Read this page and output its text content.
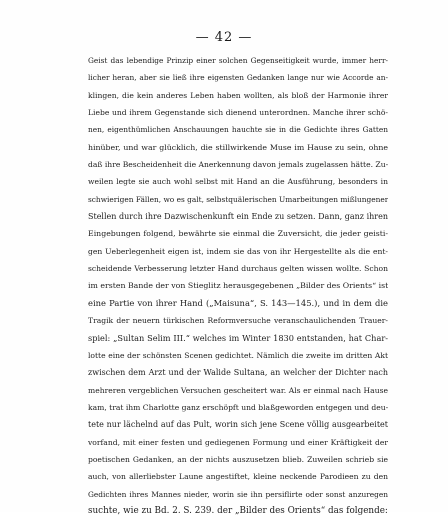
— 42 —
Geist das lebendige Prinzip einer solchen Gegenseitigkeit wurde, immer herr-
licher heran, aber sie ließ ihre eigensten Gedanken lange nur wie Accorde an-
klingen, die kein anderes Leben haben wollten, als bloß der Harmonie ihrer
Liebe und ihrem Gegenstande sich dienend unterordnen. Manche ihrer schö-
nen, eigenthümlichen Anschauungen hauchte sie in die Gedichte ihres Gatten
hinüber, und war glücklich, die stillwirkende Muse im Hause zu sein, ohne
daß ihre Bescheidenheit die Anerkennung davon jemals zugelassen hätte. Zu-
weilen legte sie auch wohl selbst mit Hand an die Ausführung, besonders in
schwierigen Fällen, wo es galt, selbstquälerischen Umarbeitungen mißlungener
Stellen durch ihre Dazwischenkunft ein Ende zu setzen. Dann, ganz ihren
Eingebungen folgend, bewährte sie einmal die Zuversicht, die jeder geisti-
gen Ueberlegenheit eigen ist, indem sie das von ihr Hergestellte als die ent-
scheidende Verbesserung letzter Hand durchaus gelten wissen wollte. Schon
im ersten Bande der von Stieglitz herausgegebenen „Bilder des Orients“ ist
eine Partie von ihrer Hand („Maisuna“, S. 143—145.), und in dem die
Tragik der neuern türkischen Reformversuche veranschaulichenden Trauer-
spiel: „Sultan Selim III.“ welches im Winter 1830 entstanden, hat Char-
lotte eine der schönsten Scenen gedichtet. Nämlich die zweite im dritten Akt
zwischen dem Arzt und der Walide Sultana, an welcher der Dichter nach
mehreren vergeblichen Versuchen gescheitert war. Als er einmal nach Hause
kam, trat ihm Charlotte ganz erschöpft und blaßgeworden entgegen und deu-
tete nur lächelnd auf das Pult, worin sich jene Scene völlig ausgearbeitet
vorfand, mit einer festen und gediegenen Formung und einer Kräftigkeit der
poetischen Gedanken, an der nichts auszusetzen blieb. Zuweilen schrieb sie
auch, von allerliebster Laune angestiftet, kleine neckende Parodieen zu den
Gedichten ihres Mannes nieder, worin sie ihn persiflirte oder sonst anzuregen
suchte, wie zu Bd. 2. S. 239. der „Bilder des Orients“ das folgende:
